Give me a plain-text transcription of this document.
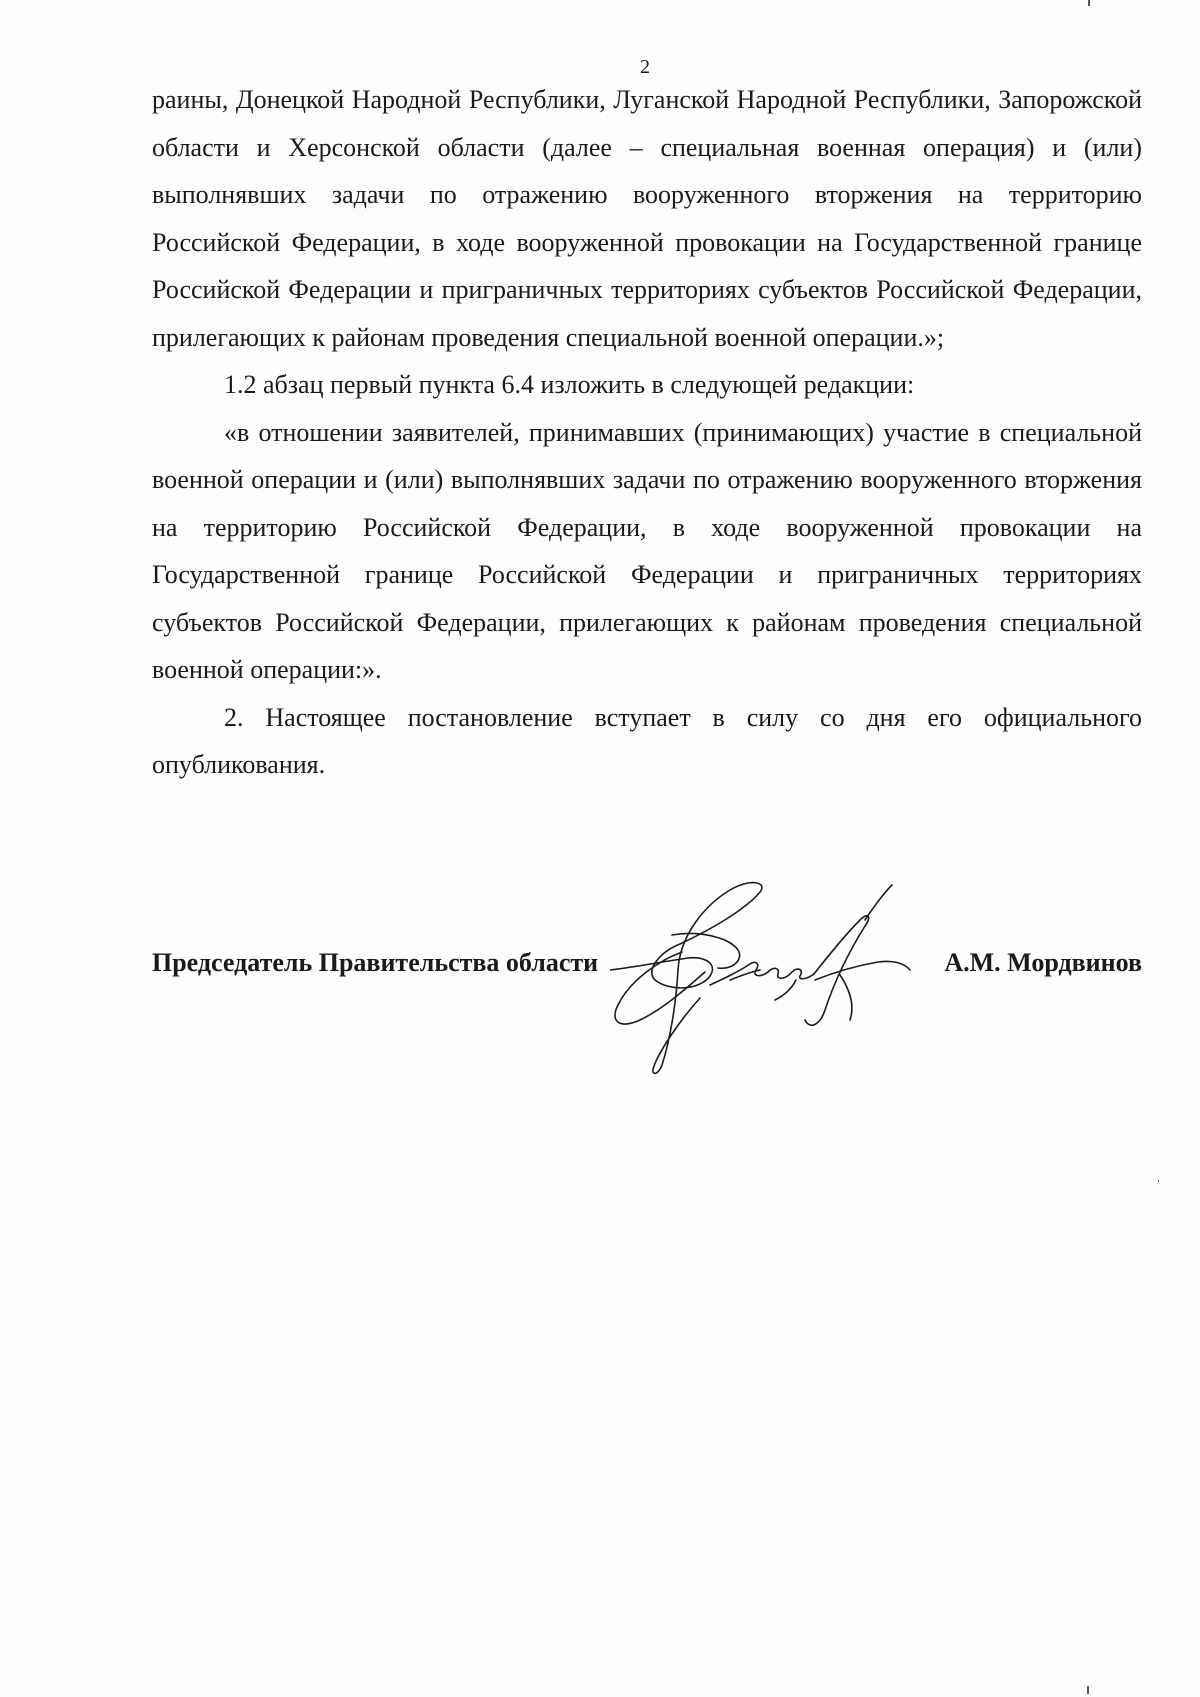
2

раины, Донецкой Народной Республики, Луганской Народной Республики, Запорожской области и Херсонской области (далее – специальная военная операция) и (или) выполнявших задачи по отражению вооруженного вторжения на территорию Российской Федерации, в ходе вооруженной провокации на Государственной границе Российской Федерации и приграничных территориях субъектов Российской Федерации, прилегающих к районам проведения специальной военной операции.»;

1.2 абзац первый пункта 6.4 изложить в следующей редакции:

«в отношении заявителей, принимавших (принимающих) участие в специальной военной операции и (или) выполнявших задачи по отражению вооруженного вторжения на территорию Российской Федерации, в ходе вооруженной провокации на Государственной границе Российской Федерации и приграничных территориях субъектов Российской Федерации, прилегающих к районам проведения специальной военной операции:».

2. Настоящее постановление вступает в силу со дня его официального опубликования.

Председатель Правительства области	А.М. Мордвинов
